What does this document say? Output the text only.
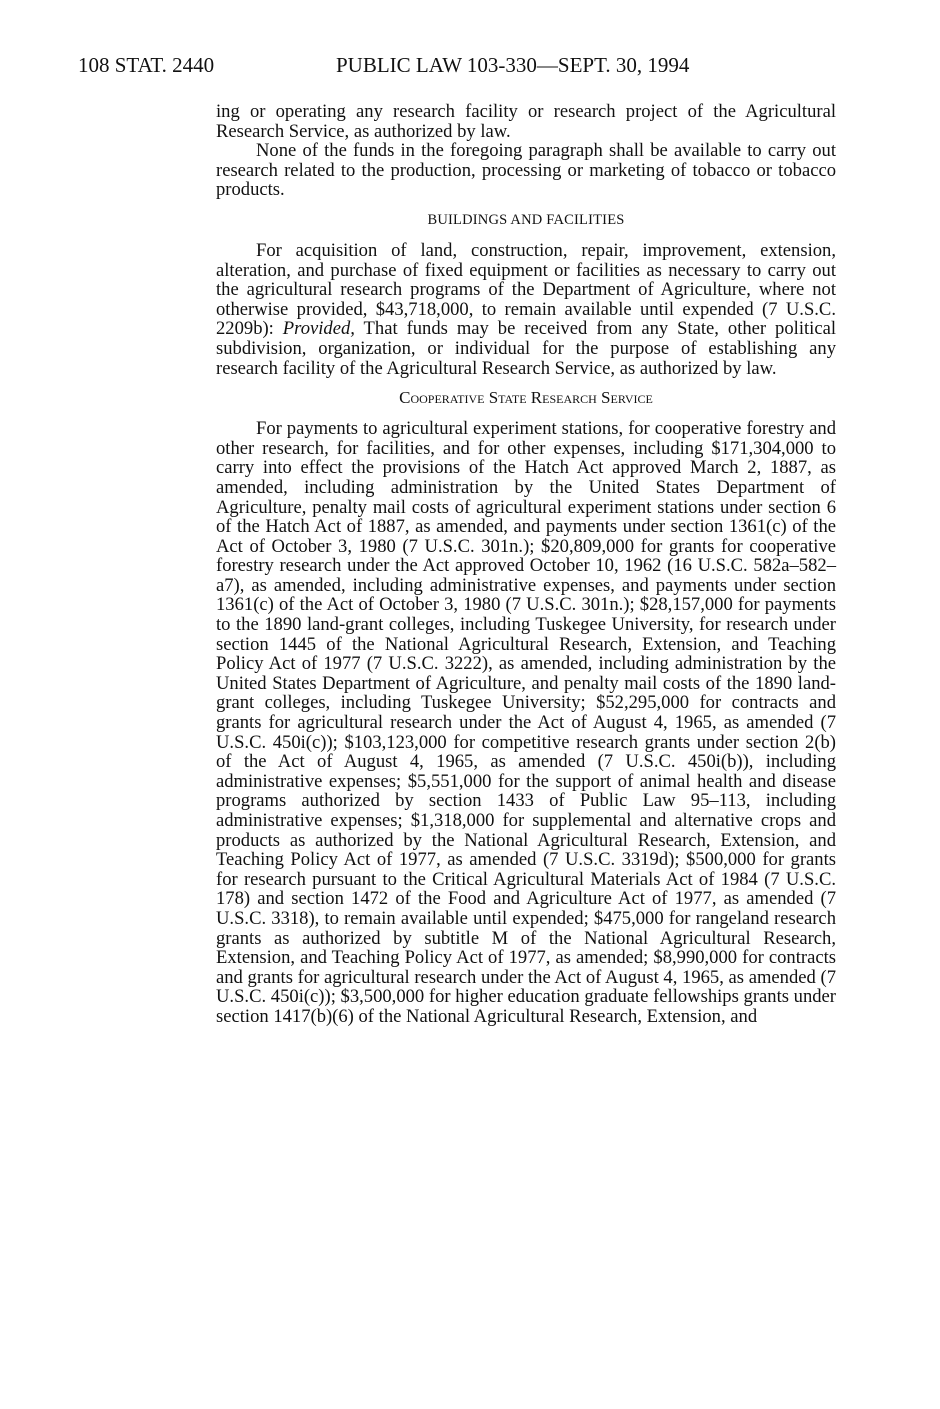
108 STAT. 2440	PUBLIC LAW 103-330—SEPT. 30, 1994

ing or operating any research facility or research project of the Agricultural Research Service, as authorized by law.

None of the funds in the foregoing paragraph shall be available to carry out research related to the production, processing or marketing of tobacco or tobacco products.

BUILDINGS AND FACILITIES

For acquisition of land, construction, repair, improvement, extension, alteration, and purchase of fixed equipment or facilities as necessary to carry out the agricultural research programs of the Department of Agriculture, where not otherwise provided, $43,718,000, to remain available until expended (7 U.S.C. 2209b): Provided, That funds may be received from any State, other political subdivision, organization, or individual for the purpose of establishing any research facility of the Agricultural Research Service, as authorized by law.

Cooperative State Research Service

For payments to agricultural experiment stations, for cooperative forestry and other research, for facilities, and for other expenses, including $171,304,000 to carry into effect the provisions of the Hatch Act approved March 2, 1887, as amended, including administration by the United States Department of Agriculture, penalty mail costs of agricultural experiment stations under section 6 of the Hatch Act of 1887, as amended, and payments under section 1361(c) of the Act of October 3, 1980 (7 U.S.C. 301n.); $20,809,000 for grants for cooperative forestry research under the Act approved October 10, 1962 (16 U.S.C. 582a–582–a7), as amended, including administrative expenses, and payments under section 1361(c) of the Act of October 3, 1980 (7 U.S.C. 301n.); $28,157,000 for payments to the 1890 land-grant colleges, including Tuskegee University, for research under section 1445 of the National Agricultural Research, Extension, and Teaching Policy Act of 1977 (7 U.S.C. 3222), as amended, including administration by the United States Department of Agriculture, and penalty mail costs of the 1890 land-grant colleges, including Tuskegee University; $52,295,000 for contracts and grants for agricultural research under the Act of August 4, 1965, as amended (7 U.S.C. 450i(c)); $103,123,000 for competitive research grants under section 2(b) of the Act of August 4, 1965, as amended (7 U.S.C. 450i(b)), including administrative expenses; $5,551,000 for the support of animal health and disease programs authorized by section 1433 of Public Law 95–113, including administrative expenses; $1,318,000 for supplemental and alternative crops and products as authorized by the National Agricultural Research, Extension, and Teaching Policy Act of 1977, as amended (7 U.S.C. 3319d); $500,000 for grants for research pursuant to the Critical Agricultural Materials Act of 1984 (7 U.S.C. 178) and section 1472 of the Food and Agriculture Act of 1977, as amended (7 U.S.C. 3318), to remain available until expended; $475,000 for rangeland research grants as authorized by subtitle M of the National Agricultural Research, Extension, and Teaching Policy Act of 1977, as amended; $8,990,000 for contracts and grants for agricultural research under the Act of August 4, 1965, as amended (7 U.S.C. 450i(c)); $3,500,000 for higher education graduate fellowships grants under section 1417(b)(6) of the National Agricultural Research, Extension, and
